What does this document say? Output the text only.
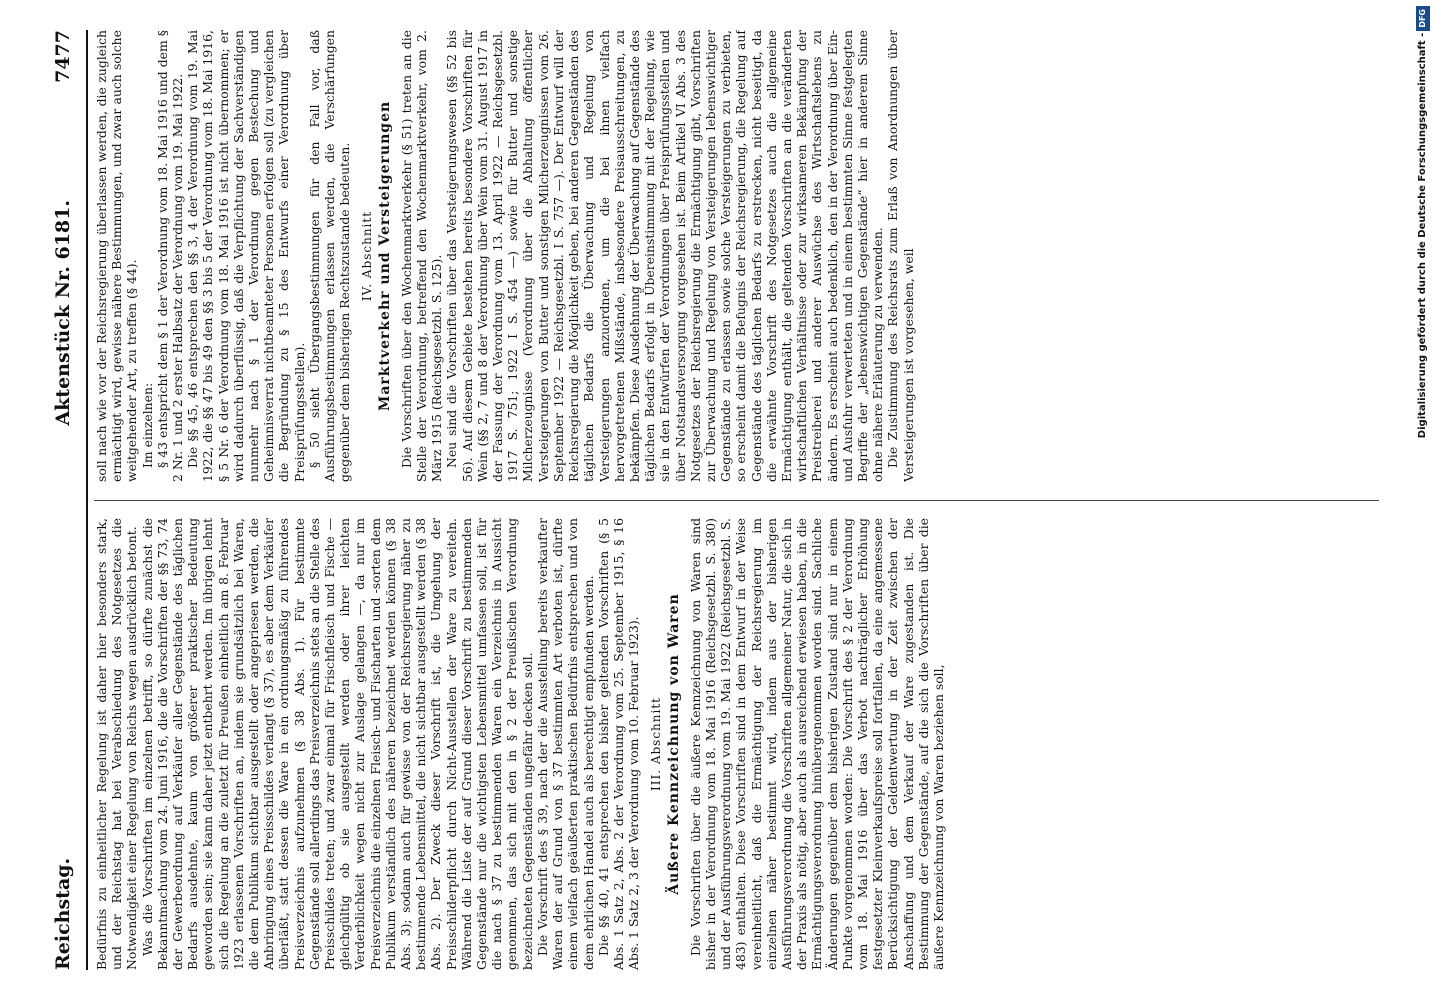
Reichstag.
Aktenstück Nr. 6181.
7477

Bedürfnis zu einheitlicher Regelung ist daher hier besonders stark, und der Reichstag hat bei Verabschiedung des Notgesetzes die Notwendigkeit einer Regelung von Reichs wegen ausdrücklich betont. Was die Vorschriften im einzelnen betrifft, so dürfte zunächst die Bekanntmachung vom 24. Juni 1916, die die Vorschriften der §§ 73, 74 der Gewerbeordnung auf Verkäufer aller Gegenstände des täglichen Bedarfs ausdehnte, kaum von größerer praktischer Bedeutung geworden sein; sie kann daher jetzt entbehrt werden. Im übrigen lehnt sich die Regelung an die zuletzt für Preußen einheitlich am 8. Februar 1923 erlassenen Vorschriften an, indem sie grundsätzlich bei Waren, die dem Publikum sichtbar ausgestellt oder angepriesen werden, die Anbringung eines Preisschildes verlangt (§ 37), es aber dem Verkäufer überläßt, statt dessen die Ware in ein ordnungsmäßig zu führendes Preisverzeichnis aufzunehmen (§ 38 Abs. 1). Für bestimmte Gegenstände soll allerdings das Preisverzeichnis stets an die Stelle des Preisschildes treten; und zwar einmal für Frischfleisch und Fische — gleichgültig ob sie ausgestellt werden oder ihrer leichten Verderblichkeit wegen nicht zur Auslage gelangen —, da nur im Preisverzeichnis die einzelnen Fleisch- und Fischarten und -sorten dem Publikum verständlich des näheren bezeichnet werden können (§ 38 Abs. 3); sodann auch für gewisse von der Reichsregierung näher zu bestimmende Lebensmittel, die nicht sichtbar ausgestellt werden (§ 38 Abs. 2). Der Zweck dieser Vorschrift ist, die Umgehung der Preisschilderpflicht durch Nicht-Ausstellen der Ware zu vereiteln. Während die Liste der auf Grund dieser Vorschrift zu bestimmenden Gegenstände nur die wichtigsten Lebensmittel umfassen soll, ist für die nach § 37 zu bestimmenden Waren ein Verzeichnis in Aussicht genommen, das sich mit den in § 2 der Preußischen Verordnung bezeichneten Gegenständen ungefähr decken soll. Die Vorschrift des § 39, nach der die Ausstellung bereits verkaufter Waren der auf Grund von § 37 bestimmten Art verboten ist, dürfte einem vielfach geäußerten praktischen Bedürfnis entsprechen und von dem ehrlichen Handel auch als berechtigt empfunden werden. Die §§ 40, 41 entsprechen den bisher geltenden Vorschriften (§ 5 Abs. 1 Satz 2, Abs. 2 der Verordnung vom 25. September 1915, § 16 Abs. 1 Satz 2, 3 der Verordnung vom 10. Februar 1923). III. Abschnitt Äußere Kennzeichnung von Waren Die Vorschriften über die äußere Kennzeichnung von Waren sind bisher in der Verordnung vom 18. Mai 1916 (Reichsgesetzbl. S. 380) und der Ausführungsverordnung vom 19. Mai 1922 (Reichsgesetzbl. S. 483) enthalten. Diese Vorschriften sind in dem Entwurf in der Weise vereinheitlicht, daß die Ermächtigung der Reichsregierung im einzelnen näher bestimmt wird, indem aus der bisherigen Ausführungsverordnung die Vorschriften allgemeiner Natur, die sich in der Praxis als nötig, aber auch als ausreichend erwiesen haben, in die Ermächtigungsverordnung hinübergenommen worden sind. Sachliche Änderungen gegenüber dem bisherigen Zustand sind nur in einem Punkte vorgenommen worden: Die Vorschrift des § 2 der Verordnung vom 18. Mai 1916 über das Verbot nachträglicher Erhöhung festgesetzter Kleinverkaufspreise soll fortfallen, da eine angemessene Berücksichtigung der Geldentwertung in der Zeit zwischen der Anschaffung und dem Verkauf der Ware zugestanden ist. Die Bestimmung der Gegenstände, auf die sich die Vorschriften über die äußere Kennzeichnung von Waren beziehen soll,

soll nach wie vor der Reichsregierung überlassen werden, die zugleich ermächtigt wird, gewisse nähere Bestimmungen, und zwar auch solche weitgehender Art, zu treffen (§ 44). Im einzelnen: § 43 entspricht dem § 1 der Verordnung vom 18. Mai 1916 und dem § 2 Nr. 1 und 2 erster Halbsatz der Verordnung vom 19. Mai 1922. Die §§ 45, 46 entsprechen den §§ 3, 4 der Verordnung vom 19. Mai 1922, die §§ 47 bis 49 den §§ 3 bis 5 der Verordnung vom 18. Mai 1916, § 5 Nr. 6 der Verordnung vom 18. Mai 1916 ist nicht übernommen; er wird dadurch überflüssig, daß die Verpflichtung der Sachverständigen nunmehr nach § 1 der Verordnung gegen Bestechung und Geheimnisverrat nichtbeamteter Personen erfolgen soll (zu vergleichen die Begründung zu § 15 des Entwurfs einer Verordnung über Preisprüfungsstellen). § 50 sieht Übergangsbestimmungen für den Fall vor, daß Ausführungsbestimmungen erlassen werden, die Verschärfungen gegenüber dem bisherigen Rechtszustande bedeuten. IV. Abschnitt Marktverkehr und Versteigerungen Die Vorschriften über den Wochenmarktverkehr (§ 51) treten an die Stelle der Verordnung, betreffend den Wochenmarktverkehr, vom 2. März 1915 (Reichsgesetzbl. S. 125). Neu sind die Vorschriften über das Versteigerungswesen (§§ 52 bis 56). Auf diesem Gebiete bestehen bereits besondere Vorschriften für Wein (§§ 2, 7 und 8 der Verordnung über Wein vom 31. August 1917 in der Fassung der Verordnung vom 13. April 1922 — Reichsgesetzbl. 1917 S. 751; 1922 I S. 454 —) sowie für Butter und sonstige Milcherzeugnisse (Verordnung über die Abhaltung öffentlicher Versteigerungen von Butter und sonstigen Milcherzeugnissen vom 26. September 1922 — Reichsgesetzbl. I S. 757 —). Der Entwurf will der Reichsregierung die Möglichkeit geben, bei anderen Gegenständen des täglichen Bedarfs die Überwachung und Regelung von Versteigerungen anzuordnen, um die bei ihnen vielfach hervorgetretenen Mißstände, insbesondere Preisausschreitungen, zu bekämpfen. Diese Ausdehnung der Überwachung auf Gegenstände des täglichen Bedarfs erfolgt in Übereinstimmung mit der Regelung, wie sie in den Entwürfen der Verordnungen über Preisprüfungsstellen und über Notstandsversorgung vorgesehen ist. Beim Artikel VI Abs. 3 des Notgesetzes der Reichsregierung die Ermächtigung gibt, Vorschriften zur Überwachung und Regelung von Versteigerungen lebenswichtiger Gegenstände zu erlassen sowie solche Versteigerungen zu verbieten, so erscheint damit die Befugnis der Reichsregierung, die Regelung auf Gegenstände des täglichen Bedarfs zu erstrecken, nicht beseitigt, da die erwähnte Vorschrift des Notgesetzes auch die allgemeine Ermächtigung enthält, die geltenden Vorschriften an die veränderten wirtschaftlichen Verhältnisse oder zur wirksameren Bekämpfung der Preistreiberei und anderer Auswüchse des Wirtschaftslebens zu ändern. Es erscheint auch bedenklich, den in der Verordnung über Ein- und Ausfuhr verwerteten und in einem bestimmten Sinne festgelegten Begriffe der „lebenswichtigen Gegenstände“ hier in anderem Sinne ohne nähere Erläuterung zu verwenden. Die Zustimmung des Reichsrats zum Erlaß von Anordnungen über Versteigerungen ist vorgesehen, weil	Digitalisierung gefördert durch die Deutsche Forschungsgemeinschaft -DFG
